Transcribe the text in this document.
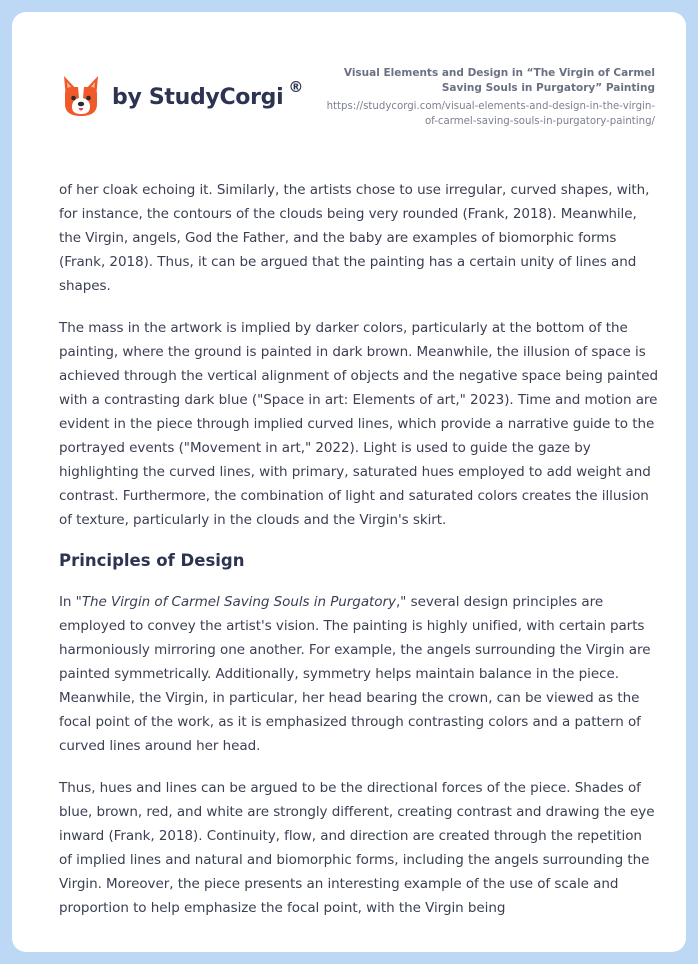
by StudyCorgi ®
Visual Elements and Design in “The Virgin of Carmel Saving Souls in Purgatory” Painting
https://studycorgi.com/visual-elements-and-design-in-the-virgin-of-carmel-saving-souls-in-purgatory-painting/

of her cloak echoing it. Similarly, the artists chose to use irregular, curved shapes, with, for instance, the contours of the clouds being very rounded (Frank, 2018). Meanwhile, the Virgin, angels, God the Father, and the baby are examples of biomorphic forms (Frank, 2018). Thus, it can be argued that the painting has a certain unity of lines and shapes.

The mass in the artwork is implied by darker colors, particularly at the bottom of the painting, where the ground is painted in dark brown. Meanwhile, the illusion of space is achieved through the vertical alignment of objects and the negative space being painted with a contrasting dark blue ("Space in art: Elements of art," 2023). Time and motion are evident in the piece through implied curved lines, which provide a narrative guide to the portrayed events ("Movement in art," 2022). Light is used to guide the gaze by highlighting the curved lines, with primary, saturated hues employed to add weight and contrast. Furthermore, the combination of light and saturated colors creates the illusion of texture, particularly in the clouds and the Virgin's skirt.

Principles of Design

In "The Virgin of Carmel Saving Souls in Purgatory," several design principles are employed to convey the artist's vision. The painting is highly unified, with certain parts harmoniously mirroring one another. For example, the angels surrounding the Virgin are painted symmetrically. Additionally, symmetry helps maintain balance in the piece. Meanwhile, the Virgin, in particular, her head bearing the crown, can be viewed as the focal point of the work, as it is emphasized through contrasting colors and a pattern of curved lines around her head.

Thus, hues and lines can be argued to be the directional forces of the piece. Shades of blue, brown, red, and white are strongly different, creating contrast and drawing the eye inward (Frank, 2018). Continuity, flow, and direction are created through the repetition of implied lines and natural and biomorphic forms, including the angels surrounding the Virgin. Moreover, the piece presents an interesting example of the use of scale and proportion to help emphasize the focal point, with the Virgin being
